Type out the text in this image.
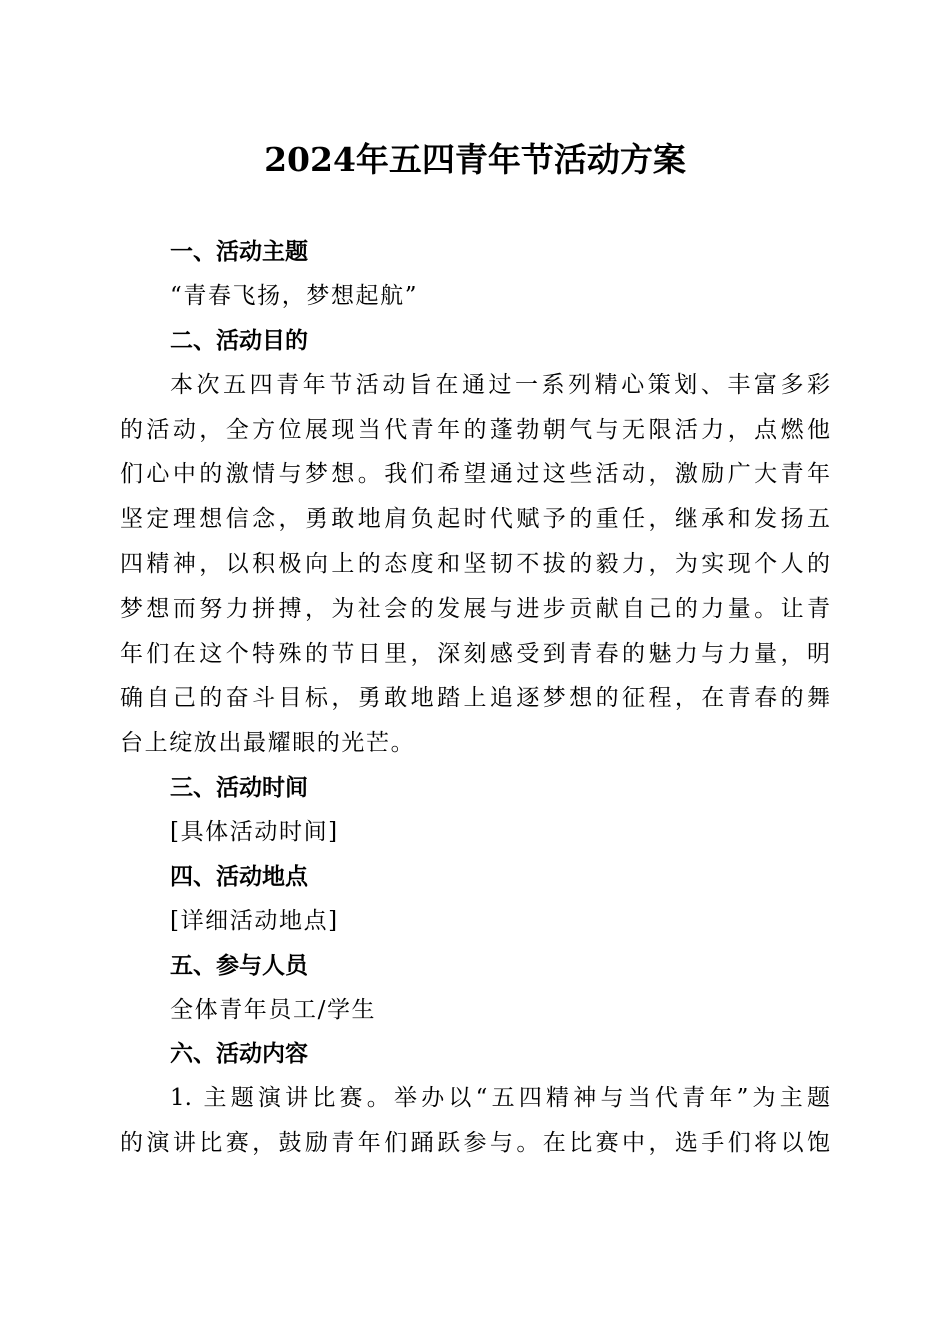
2024年五四青年节活动方案
一、活动主题
“青春飞扬，梦想起航”
二、活动目的
本次五四青年节活动旨在通过一系列精心策划、丰富多彩
的活动，全方位展现当代青年的蓬勃朝气与无限活力，点燃他
们心中的激情与梦想。我们希望通过这些活动，激励广大青年
坚定理想信念，勇敢地肩负起时代赋予的重任，继承和发扬五
四精神，以积极向上的态度和坚韧不拔的毅力，为实现个人的
梦想而努力拼搏，为社会的发展与进步贡献自己的力量。让青
年们在这个特殊的节日里，深刻感受到青春的魅力与力量，明
确自己的奋斗目标，勇敢地踏上追逐梦想的征程，在青春的舞
台上绽放出最耀眼的光芒。
三、活动时间
[具体活动时间]
四、活动地点
[详细活动地点]
五、参与人员
全体青年员工/学生
六、活动内容
1. 主题演讲比赛。举办以“五四精神与当代青年”为主题
的演讲比赛，鼓励青年们踊跃参与。在比赛中，选手们将以饱
